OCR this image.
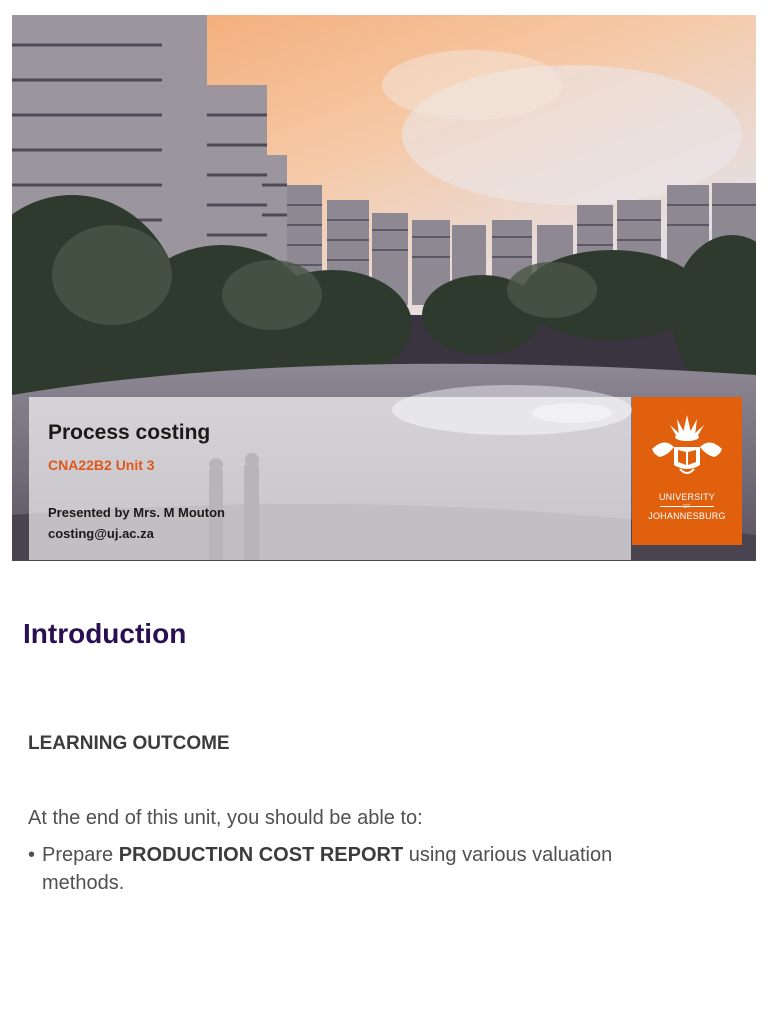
Process costing
CNA22B2 Unit 3
Presented by Mrs. M Mouton
costing@uj.ac.za
UNIVERSITY
OF
JOHANNESBURG
Introduction
LEARNING OUTCOME
At the end of this unit, you should be able to:
• Prepare PRODUCTION COST REPORT using various valuation methods.
